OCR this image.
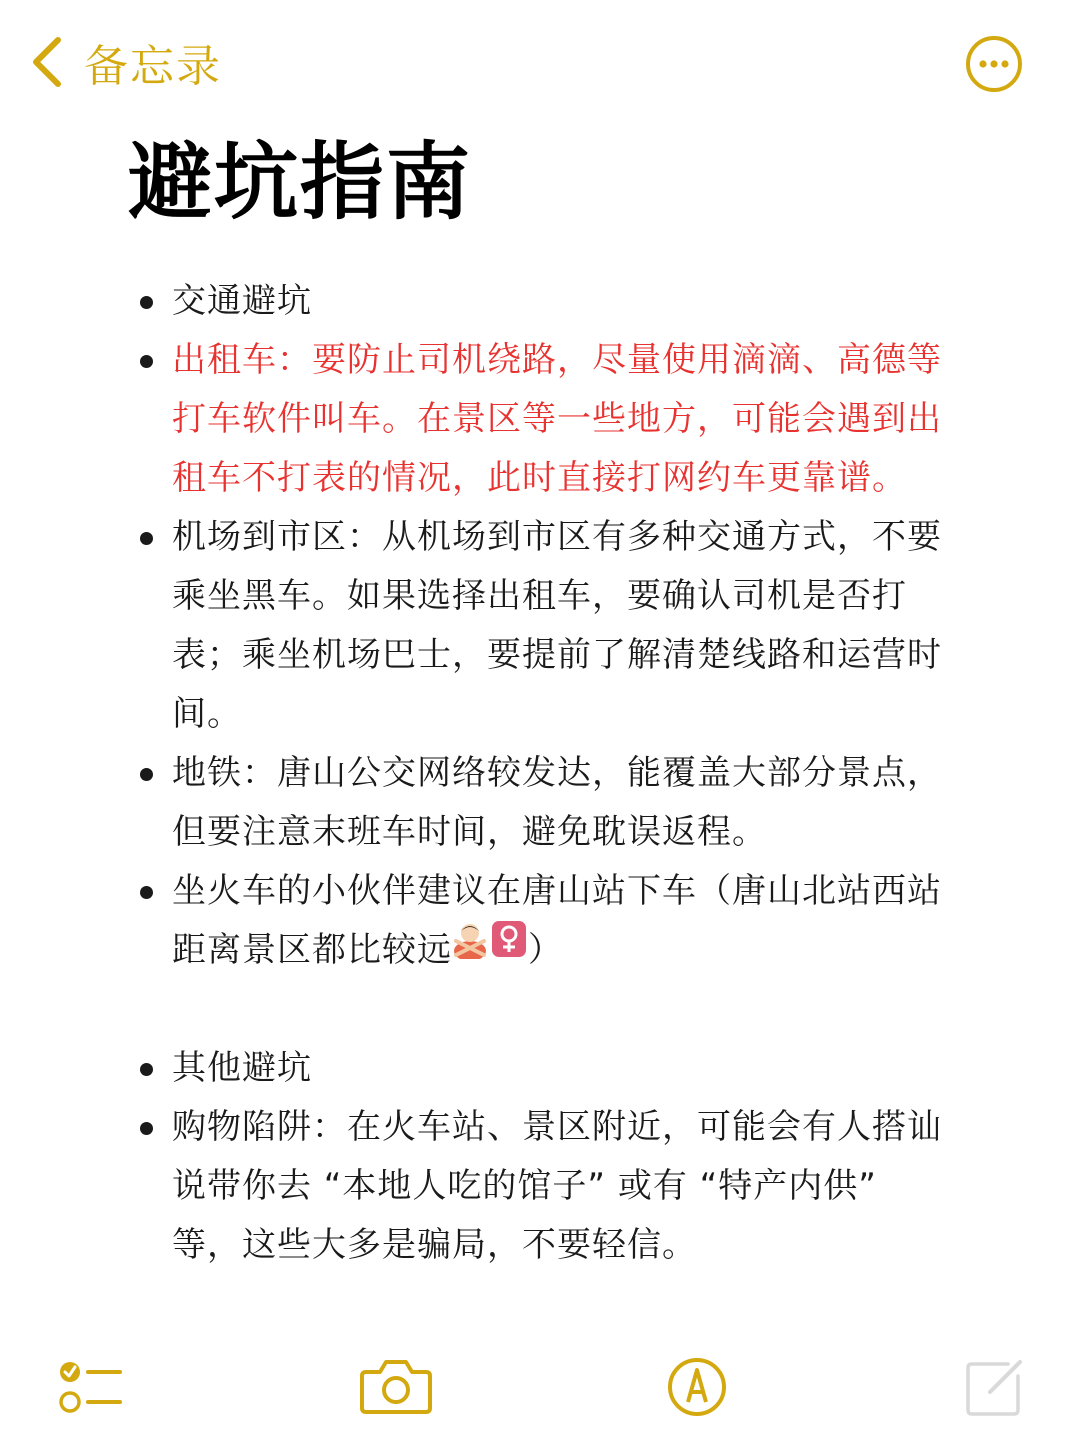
备忘录
避坑指南
交通避坑
出租车：要防止司机绕路，尽量使用滴滴、高德等打车软件叫车。在景区等一些地方，可能会遇到出租车不打表的情况，此时直接打网约车更靠谱。
机场到市区：从机场到市区有多种交通方式，不要乘坐黑车。如果选择出租车，要确认司机是否打表；乘坐机场巴士，要提前了解清楚线路和运营时间。
地铁：唐山公交网络较发达，能覆盖大部分景点，但要注意末班车时间，避免耽误返程。
坐火车的小伙伴建议在唐山站下车（唐山北站西站距离景区都比较远 ）
其他避坑
购物陷阱：在火车站、景区附近，可能会有人搭讪说带你去 “本地人吃的馆子” 或有 “特产内供” 等，这些大多是骗局，不要轻信。
